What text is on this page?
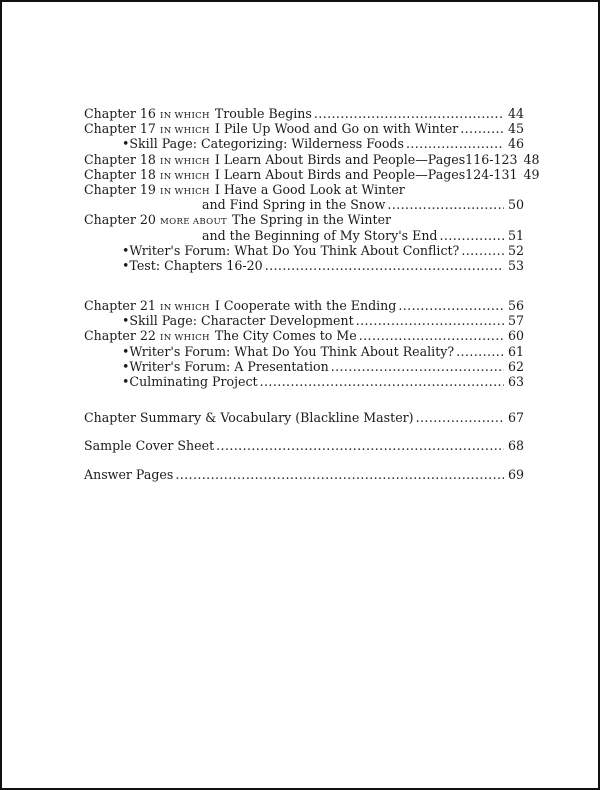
Chapter 16 IN WHICH Trouble Begins . . .	44
Chapter 17 IN WHICH I Pile Up Wood and Go on with Winter . . .	45
•Skill Page: Categorizing: Wilderness Foods . . .	46
Chapter 18 IN WHICH I Learn About Birds and People—Pages116-123 48
Chapter 18 IN WHICH I Learn About Birds and People—Pages124-131 49
Chapter 19 IN WHICH I Have a Good Look at Winter
and Find Spring in the Snow . . .	50
Chapter 20 MORE ABOUT The Spring in the Winter
and the Beginning of My Story's End . . .	51
•Writer's Forum: What Do You Think About Conflict? . . .	52
•Test: Chapters 16-20 . . .	53
Chapter 21 IN WHICH I Cooperate with the Ending . . .	56
•Skill Page: Character Development . . .	57
Chapter 22 IN WHICH The City Comes to Me . . .	60
•Writer's Forum: What Do You Think About Reality? . . .	61
•Writer's Forum: A Presentation . . .	62
•Culminating Project . . .	63
Chapter Summary & Vocabulary (Blackline Master) . . .	67
Sample Cover Sheet . . .	68
Answer Pages . . .	69
